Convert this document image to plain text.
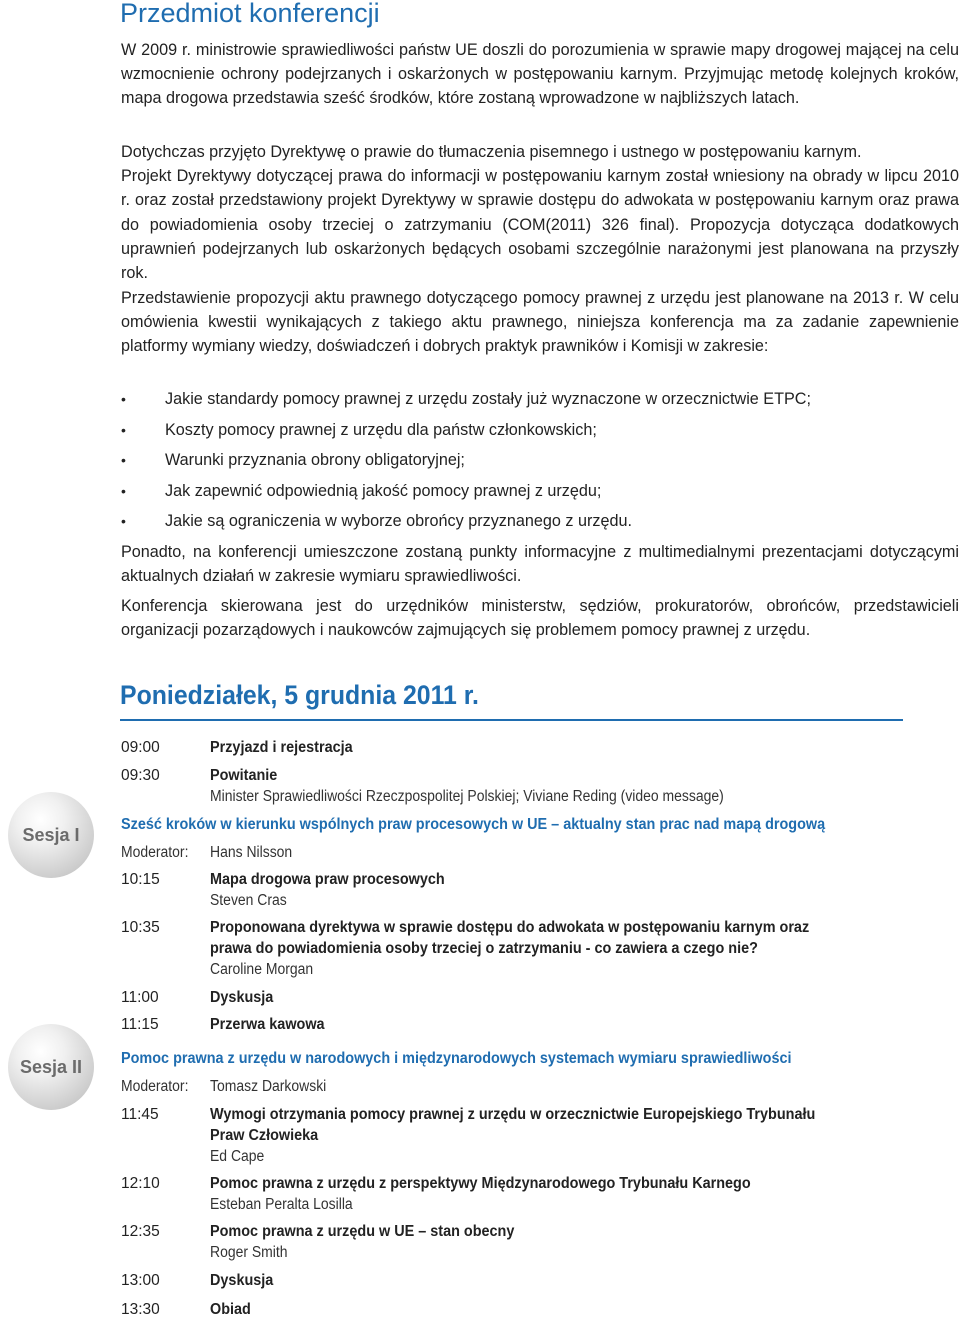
Przedmiot konferencji

W 2009 r. ministrowie sprawiedliwości państw UE doszli do porozumienia w sprawie mapy drogowej mającej na celu wzmocnienie ochrony podejrzanych i oskarżonych w postępowaniu karnym. Przyjmując metodę kolejnych kroków, mapa drogowa przedstawia sześć środków, które zostaną wprowadzone w najbliższych latach.

Dotychczas przyjęto Dyrektywę o prawie do tłumaczenia pisemnego i ustnego w postępowaniu karnym.

Projekt Dyrektywy dotyczącej prawa do informacji w postępowaniu karnym został wniesiony na obrady w lipcu 2010 r. oraz został przedstawiony projekt Dyrektywy w sprawie dostępu do adwokata w postępowaniu karnym oraz prawa do powiadomienia osoby trzeciej o zatrzymaniu (COM(2011) 326 final). Propozycja dotycząca dodatkowych uprawnień podejrzanych lub oskarżonych będących osobami szczególnie narażonymi jest planowana na przyszły rok.

Przedstawienie propozycji aktu prawnego dotyczącego pomocy prawnej z urzędu jest planowane na 2013 r. W celu omówienia kwestii wynikających z takiego aktu prawnego, niniejsza konferencja ma za zadanie zapewnienie platformy wymiany wiedzy, doświadczeń i dobrych praktyk prawników i Komisji w zakresie:

• Jakie standardy pomocy prawnej z urzędu zostały już wyznaczone w orzecznictwie ETPC;
• Koszty pomocy prawnej z urzędu dla państw członkowskich;
• Warunki przyznania obrony obligatoryjnej;
• Jak zapewnić odpowiednią jakość pomocy prawnej z urzędu;
• Jakie są ograniczenia w wyborze obrońcy przyznanego z urzędu.

Ponadto, na konferencji umieszczone zostaną punkty informacyjne z multimedialnymi prezentacjami dotyczącymi aktualnych działań w zakresie wymiaru sprawiedliwości.

Konferencja skierowana jest do urzędników ministerstw, sędziów, prokuratorów, obrońców, przedstawicieli organizacji pozarządowych i naukowców zajmujących się problemem pomocy prawnej z urzędu.

Poniedziałek, 5 grudnia 2011 r.
Sesja I
Sesja II
09:00	Przyjazd i rejestracja
09:30	Powitanie
Minister Sprawiedliwości Rzeczpospolitej Polskiej; Viviane Reding (video message)
Sześć kroków w kierunku wspólnych praw procesowych w UE – aktualny stan prac nad mapą drogową
Moderator:	Hans Nilsson
10:15	Mapa drogowa praw procesowych
Steven Cras
10:35	Proponowana dyrektywa w sprawie dostępu do adwokata w postępowaniu karnym oraz prawa do powiadomienia osoby trzeciej o zatrzymaniu - co zawiera a czego nie?
Caroline Morgan
11:00	Dyskusja
11:15	Przerwa kawowa
Pomoc prawna z urzędu w narodowych i międzynarodowych systemach wymiaru sprawiedliwości
Moderator:	Tomasz Darkowski
11:45	Wymogi otrzymania pomocy prawnej z urzędu w orzecznictwie Europejskiego Trybunału Praw Człowieka
Ed Cape
12:10	Pomoc prawna z urzędu z perspektywy Międzynarodowego Trybunału Karnego
Esteban Peralta Losilla
12:35	Pomoc prawna z urzędu w UE – stan obecny
Roger Smith
13:00	Dyskusja
13:30	Obiad
